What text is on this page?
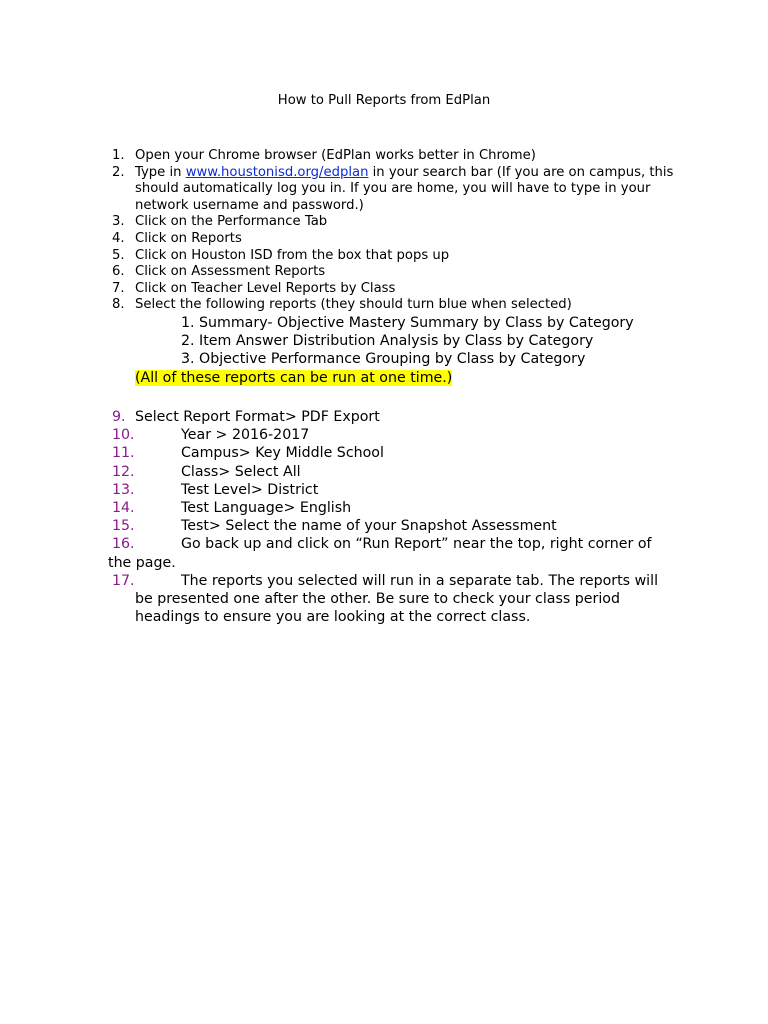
How to Pull Reports from EdPlan
1. Open your Chrome browser (EdPlan works better in Chrome)
2. Type in www.houstonisd.org/edplan in your search bar (If you are on campus, this should automatically log you in. If you are home, you will have to type in your network username and password.)
3. Click on the Performance Tab
4. Click on Reports
5. Click on Houston ISD from the box that pops up
6. Click on Assessment Reports
7. Click on Teacher Level Reports by Class
8. Select the following reports (they should turn blue when selected)
1. Summary- Objective Mastery Summary by Class by Category
2. Item Answer Distribution Analysis by Class by Category
3. Objective Performance Grouping by Class by Category
(All of these reports can be run at one time.)
9. Select Report Format> PDF Export
10.	Year > 2016-2017
11.	Campus> Key Middle School
12.	Class> Select All
13.	Test Level> District
14.	Test Language> English
15.	Test> Select the name of your Snapshot Assessment
16.	Go back up and click on “Run Report” near the top, right corner of the page.
17.	The reports you selected will run in a separate tab. The reports will be presented one after the other. Be sure to check your class period headings to ensure you are looking at the correct class.
